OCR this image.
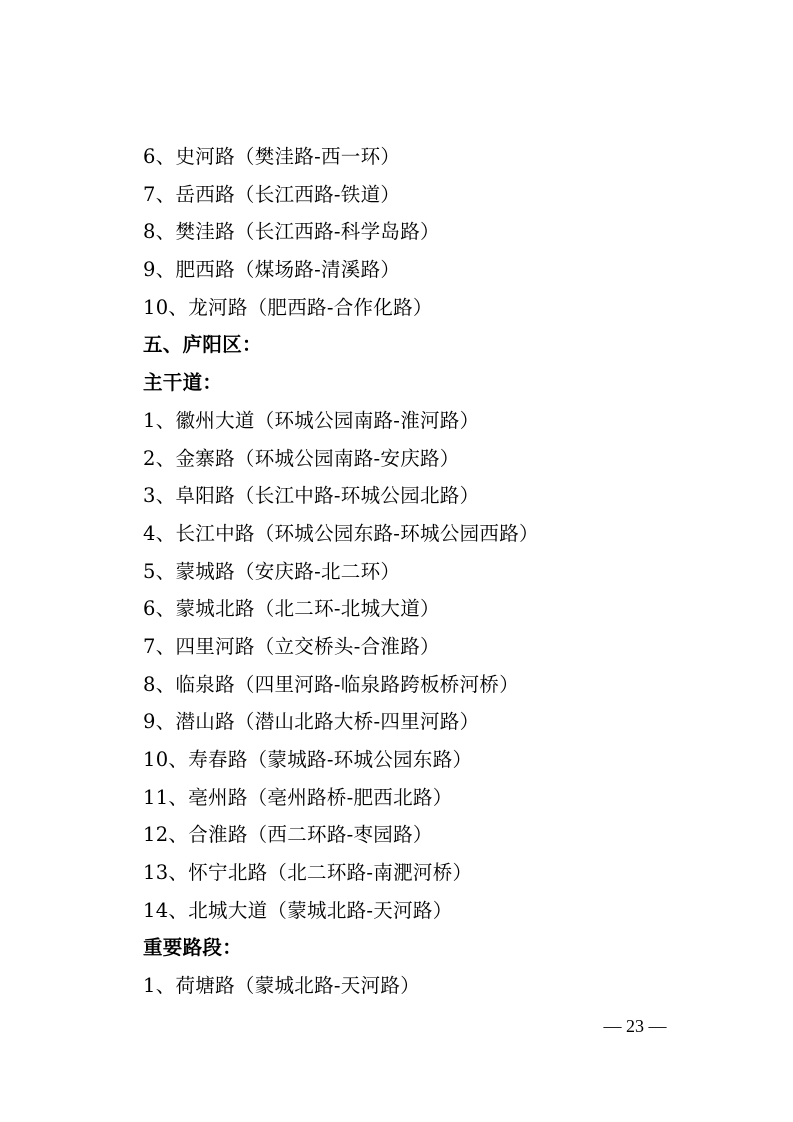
6、史河路（樊洼路-西一环）
7、岳西路（长江西路-铁道）
8、樊洼路（长江西路-科学岛路）
9、肥西路（煤场路-清溪路）
10、龙河路（肥西路-合作化路）
五、庐阳区：
主干道：
1、徽州大道（环城公园南路-淮河路）
2、金寨路（环城公园南路-安庆路）
3、阜阳路（长江中路-环城公园北路）
4、长江中路（环城公园东路-环城公园西路）
5、蒙城路（安庆路-北二环）
6、蒙城北路（北二环-北城大道）
7、四里河路（立交桥头-合淮路）
8、临泉路（四里河路-临泉路跨板桥河桥）
9、潜山路（潜山北路大桥-四里河路）
10、寿春路（蒙城路-环城公园东路）
11、亳州路（亳州路桥-肥西北路）
12、合淮路（西二环路-枣园路）
13、怀宁北路（北二环路-南淝河桥）
14、北城大道（蒙城北路-天河路）
重要路段：
1、荷塘路（蒙城北路-天河路）
— 23 —
